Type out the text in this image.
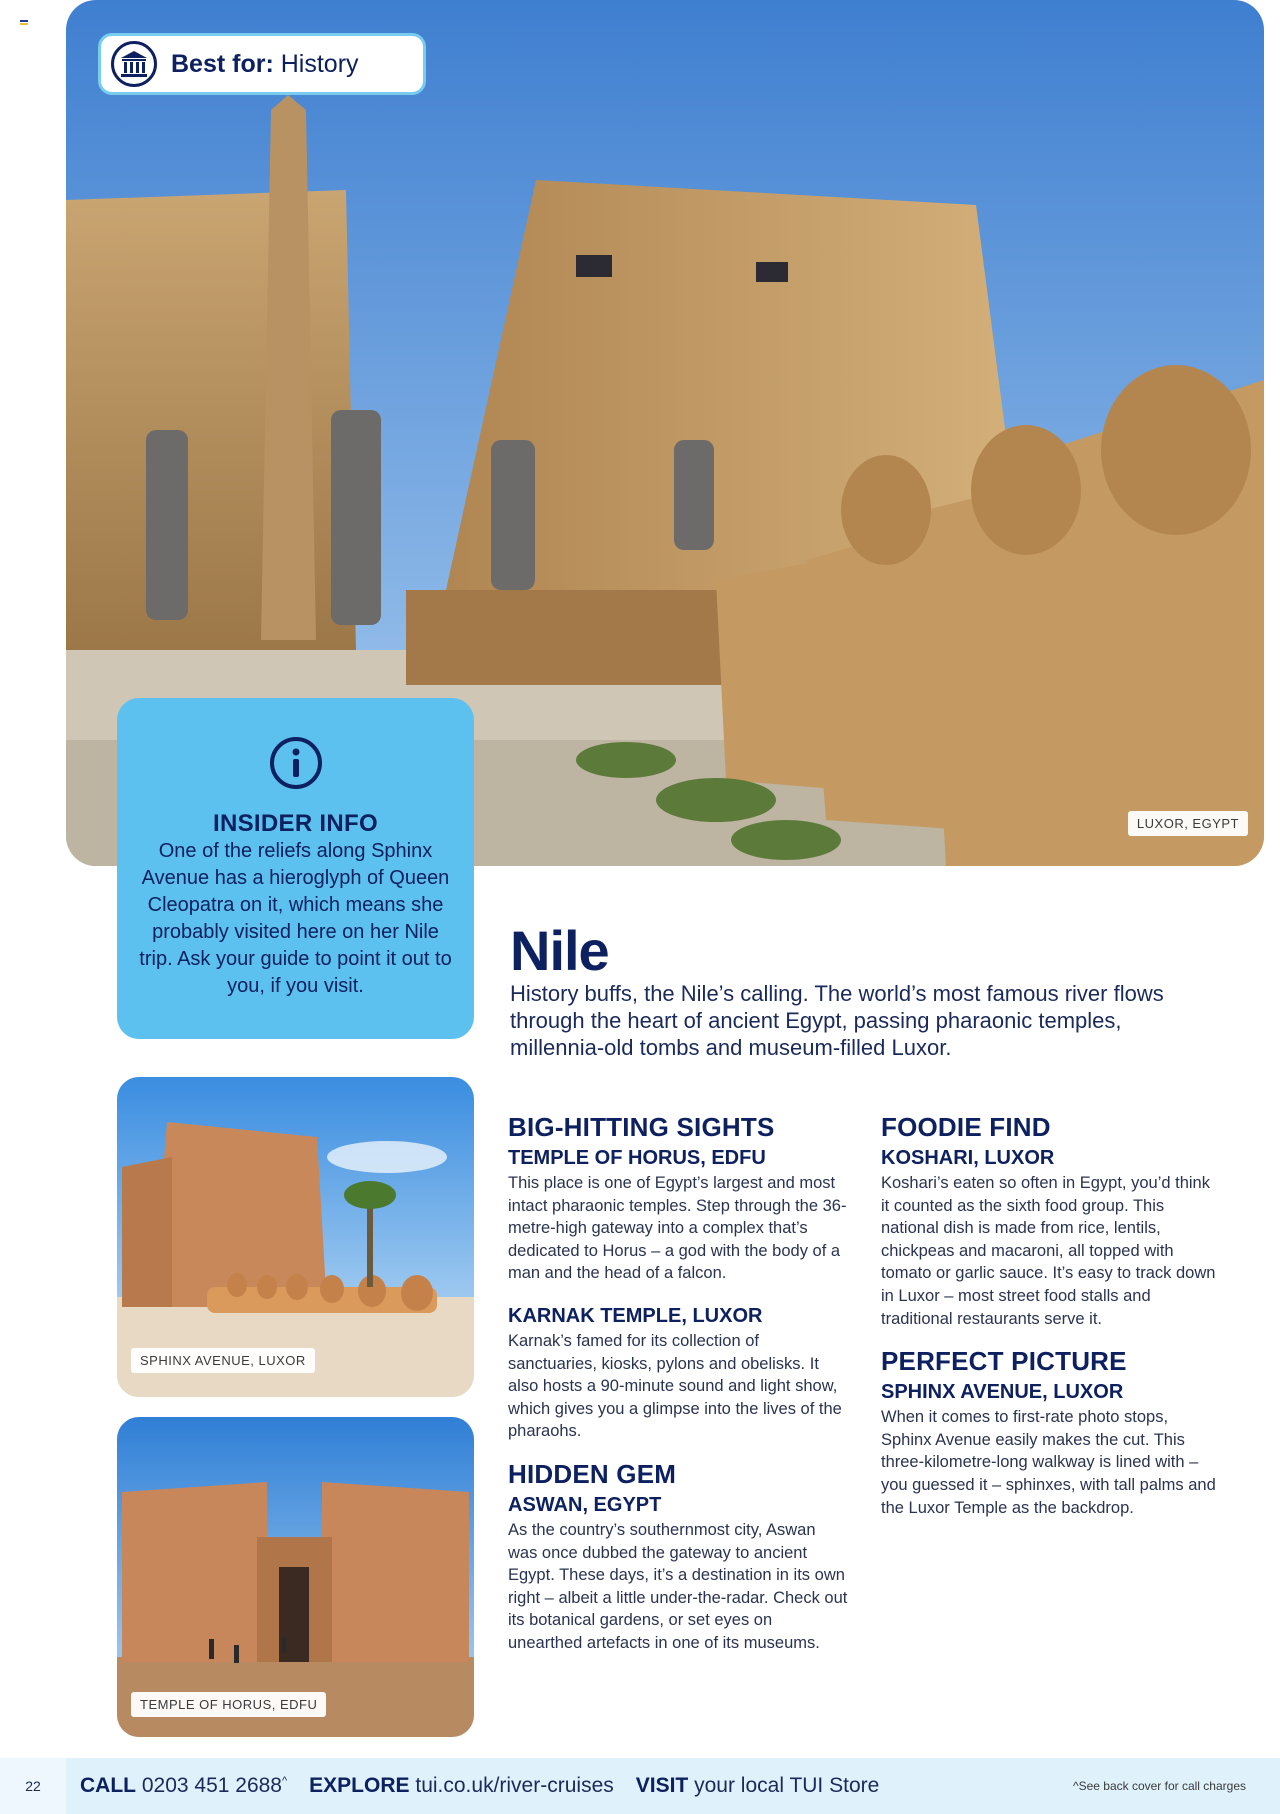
LUXOR, EGYPT
Best for: History
INSIDER INFO

One of the reliefs along Sphinx Avenue has a hieroglyph of Queen Cleopatra on it, which means she probably visited here on her Nile trip. Ask your guide to point it out to you, if you visit.

SPHINX AVENUE, LUXOR
TEMPLE OF HORUS, EDFU
Nile

History buffs, the Nile’s calling. The world’s most famous river flows through the heart of ancient Egypt, passing pharaonic temples, millennia-old tombs and museum-filled Luxor.

BIG-HITTING SIGHTS
TEMPLE OF HORUS, EDFU

This place is one of Egypt’s largest and most intact pharaonic temples. Step through the 36-metre-high gateway into a complex that’s dedicated to Horus – a god with the body of a man and the head of a falcon.

KARNAK TEMPLE, LUXOR

Karnak’s famed for its collection of sanctuaries, kiosks, pylons and obelisks. It also hosts a 90-minute sound and light show, which gives you a glimpse into the lives of the pharaohs.

HIDDEN GEM
ASWAN, EGYPT

As the country’s southernmost city, Aswan was once dubbed the gateway to ancient Egypt. These days, it’s a destination in its own right – albeit a little under-the-radar. Check out its botanical gardens, or set eyes on unearthed artefacts in one of its museums.

FOODIE FIND
KOSHARI, LUXOR

Koshari’s eaten so often in Egypt, you’d think it counted as the sixth food group. This national dish is made from rice, lentils, chickpeas and macaroni, all topped with tomato or garlic sauce. It’s easy to track down in Luxor – most street food stalls and traditional restaurants serve it.

PERFECT PICTURE
SPHINX AVENUE, LUXOR

When it comes to first-rate photo stops, Sphinx Avenue easily makes the cut. This three-kilometre-long walkway is lined with – you guessed it – sphinxes, with tall palms and the Luxor Temple as the backdrop.

22	CALL 0203 451 2688^ EXPLORE tui.co.uk/river-cruises VISIT your local TUI Store	^See back cover for call charges
